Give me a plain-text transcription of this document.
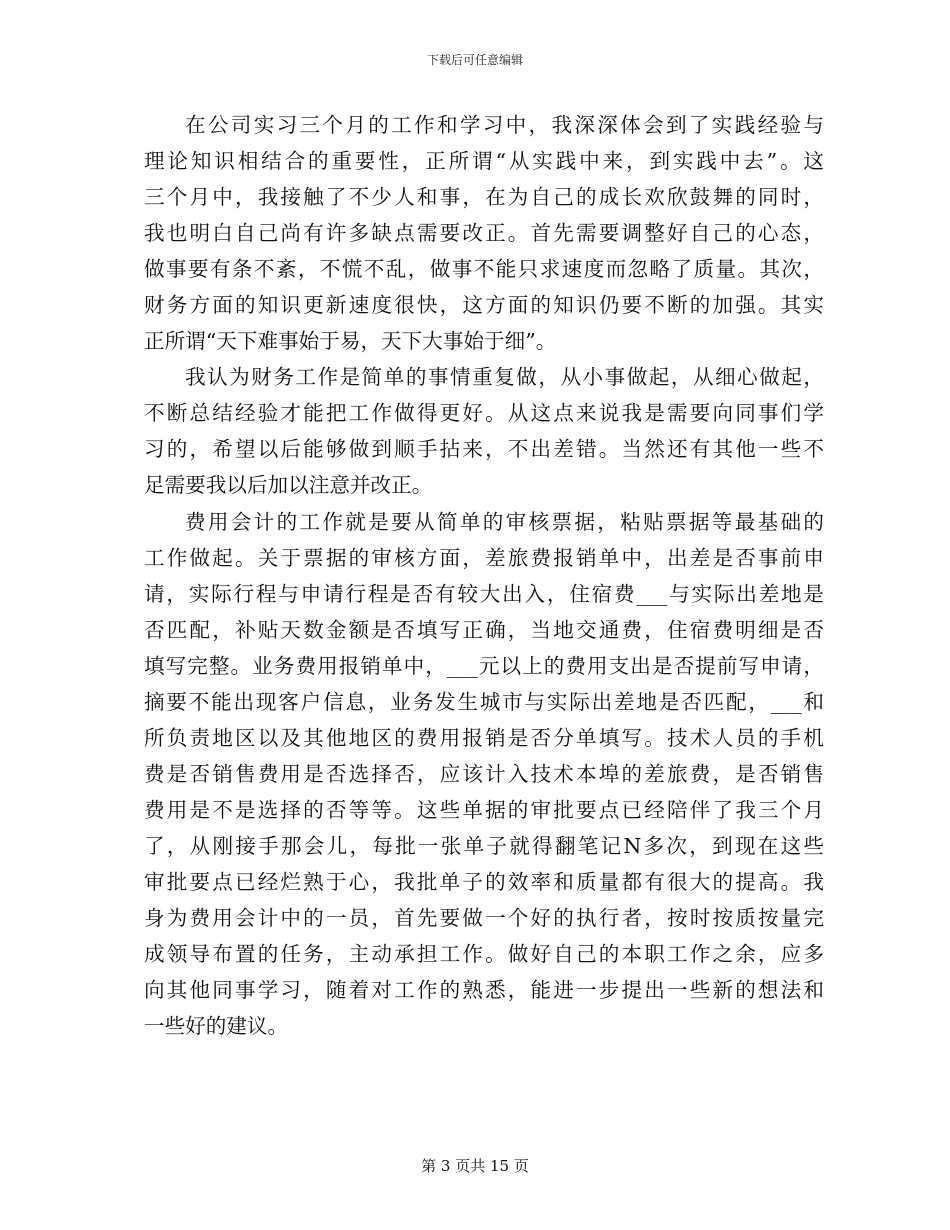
下载后可任意编辑
在公司实习三个月的工作和学习中，我深深体会到了实践经验与
理论知识相结合的重要性，正所谓“从实践中来，到实践中去”。这
三个月中，我接触了不少人和事，在为自己的成长欢欣鼓舞的同时，
我也明白自己尚有许多缺点需要改正。首先需要调整好自己的心态，
做事要有条不紊，不慌不乱，做事不能只求速度而忽略了质量。其次，
财务方面的知识更新速度很快，这方面的知识仍要不断的加强。其实
正所谓“天下难事始于易，天下大事始于细”。
我认为财务工作是简单的事情重复做，从小事做起，从细心做起，
不断总结经验才能把工作做得更好。从这点来说我是需要向同事们学
习的，希望以后能够做到顺手拈来，不出差错。当然还有其他一些不
足需要我以后加以注意并改正。
费用会计的工作就是要从简单的审核票据，粘贴票据等最基础的
工作做起。关于票据的审核方面，差旅费报销单中，出差是否事前申
请，实际行程与申请行程是否有较大出入，住宿费___与实际出差地是
否匹配，补贴天数金额是否填写正确，当地交通费，住宿费明细是否
填写完整。业务费用报销单中，___元以上的费用支出是否提前写申请，
摘要不能出现客户信息，业务发生城市与实际出差地是否匹配，___和
所负责地区以及其他地区的费用报销是否分单填写。技术人员的手机
费是否销售费用是否选择否，应该计入技术本埠的差旅费，是否销售
费用是不是选择的否等等。这些单据的审批要点已经陪伴了我三个月
了，从刚接手那会儿，每批一张单子就得翻笔记N多次，到现在这些
审批要点已经烂熟于心，我批单子的效率和质量都有很大的提高。我
身为费用会计中的一员，首先要做一个好的执行者，按时按质按量完
成领导布置的任务，主动承担工作。做好自己的本职工作之余，应多
向其他同事学习，随着对工作的熟悉，能进一步提出一些新的想法和
一些好的建议。
第 3 页共 15 页
